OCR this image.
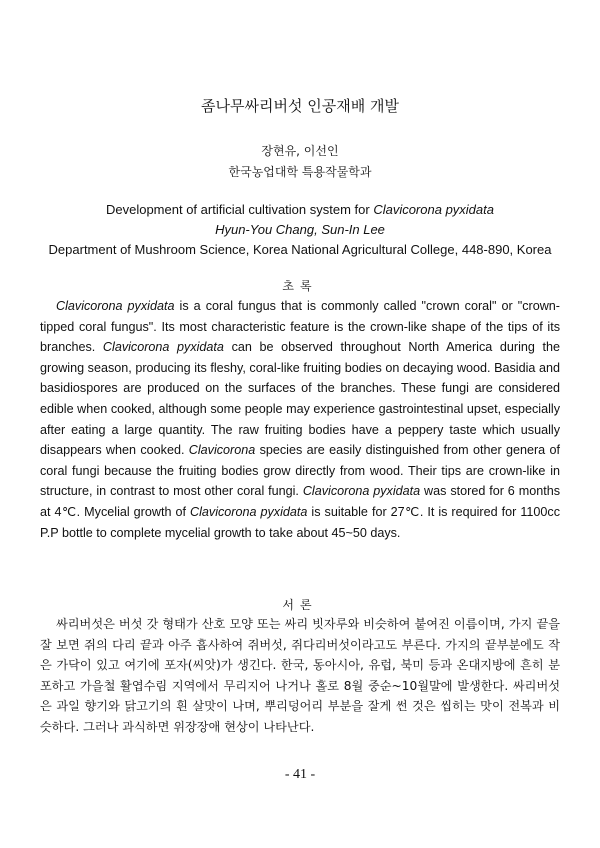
좀나무싸리버섯 인공재배 개발
장현유, 이선인
한국농업대학 특용작물학과
Development of artificial cultivation system for Clavicorona pyxidata
Hyun-You Chang, Sun-In Lee
Department of Mushroom Science, Korea National Agricultural College, 448-890, Korea
초록

Clavicorona pyxidata is a coral fungus that is commonly called "crown coral" or "crown-tipped coral fungus". Its most characteristic feature is the crown-like shape of the tips of its branches. Clavicorona pyxidata can be observed throughout North America during the growing season, producing its fleshy, coral-like fruiting bodies on decaying wood. Basidia and basidiospores are produced on the surfaces of the branches. These fungi are considered edible when cooked, although some people may experience gastrointestinal upset, especially after eating a large quantity. The raw fruiting bodies have a peppery taste which usually disappears when cooked. Clavicorona species are easily distinguished from other genera of coral fungi because the fruiting bodies grow directly from wood. Their tips are crown-like in structure, in contrast to most other coral fungi. Clavicorona pyxidata was stored for 6 months at 4℃. Mycelial growth of Clavicorona pyxidata is suitable for 27℃. It is required for 1100cc P.P bottle to complete mycelial growth to take about 45~50 days.

서론

싸리버섯은 버섯 갓 형태가 산호 모양 또는 싸리 빗자루와 비슷하여 붙여진 이름이며, 가지 끝을 잘 보면 쥐의 다리 끝과 아주 흡사하여 쥐버섯, 쥐다리버섯이라고도 부른다. 가지의 끝부분에도 작은 가닥이 있고 여기에 포자(씨앗)가 생긴다. 한국, 동아시아, 유럽, 북미 등과 온대지방에 흔히 분포하고 가을철 활엽수림 지역에서 무리지어 나거나 홀로 8월 중순~10월말에 발생한다. 싸리버섯은 과일 향기와 닭고기의 흰 살맛이 나며, 뿌리덩어리 부분을 잘게 썬 것은 씹히는 맛이 전복과 비슷하다. 그러나 과식하면 위장장애 현상이 나타난다.

- 41 -
